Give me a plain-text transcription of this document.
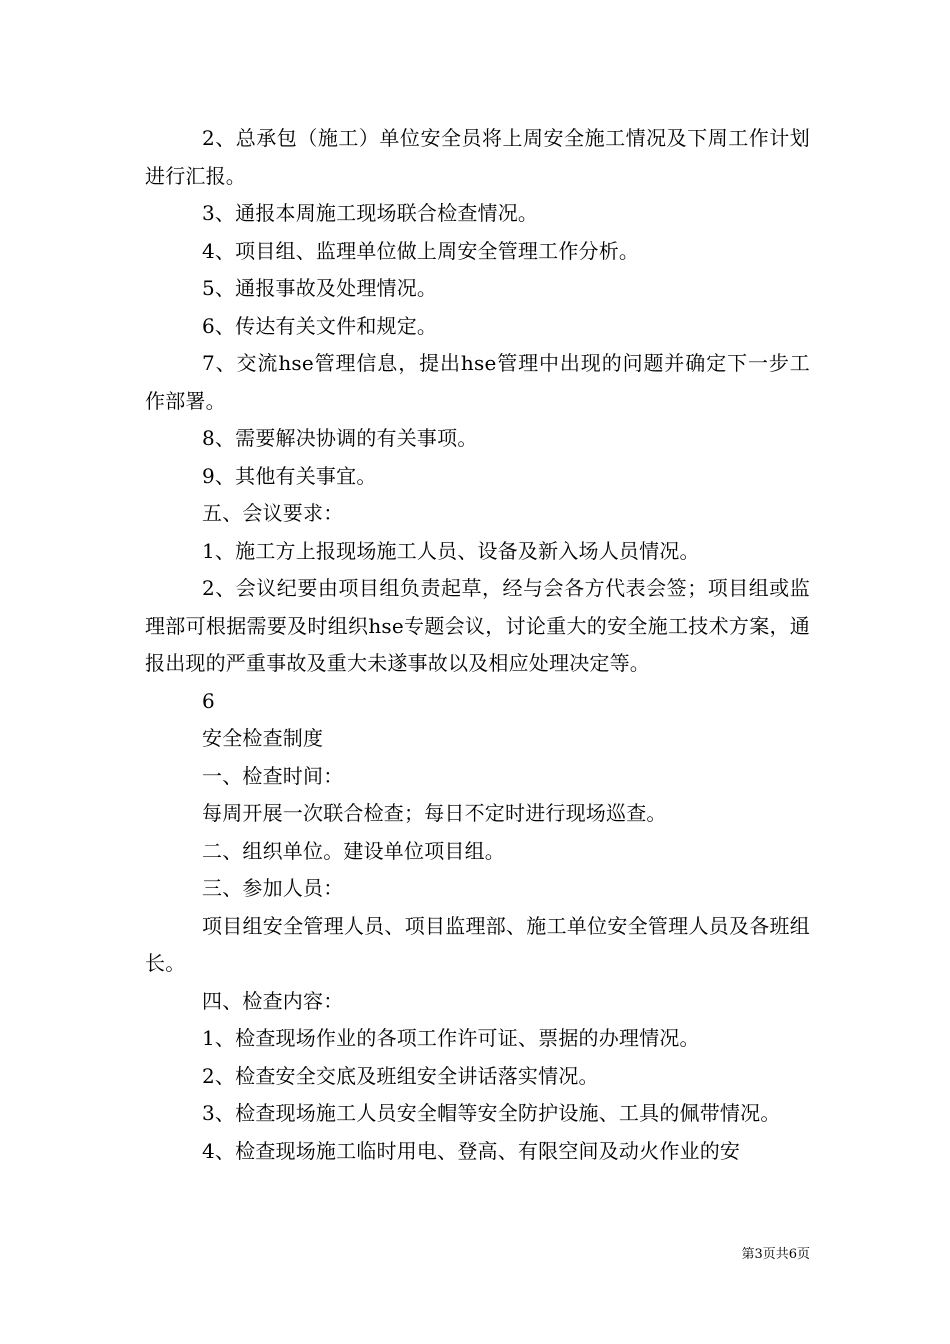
2、总承包（施工）单位安全员将上周安全施工情况及下周工作计划进行汇报。

3、通报本周施工现场联合检查情况。

4、项目组、监理单位做上周安全管理工作分析。

5、通报事故及处理情况。

6、传达有关文件和规定。

7、交流hse管理信息，提出hse管理中出现的问题并确定下一步工作部署。

8、需要解决协调的有关事项。

9、其他有关事宜。

五、会议要求：

1、施工方上报现场施工人员、设备及新入场人员情况。

2、会议纪要由项目组负责起草，经与会各方代表会签；项目组或监理部可根据需要及时组织hse专题会议，讨论重大的安全施工技术方案，通报出现的严重事故及重大未遂事故以及相应处理决定等。

6

安全检查制度

一、检查时间：

每周开展一次联合检查；每日不定时进行现场巡查。

二、组织单位。建设单位项目组。

三、参加人员：

项目组安全管理人员、项目监理部、施工单位安全管理人员及各班组长。

四、检查内容：

1、检查现场作业的各项工作许可证、票据的办理情况。

2、检查安全交底及班组安全讲话落实情况。

3、检查现场施工人员安全帽等安全防护设施、工具的佩带情况。

4、检查现场施工临时用电、登高、有限空间及动火作业的安

第3页共6页
